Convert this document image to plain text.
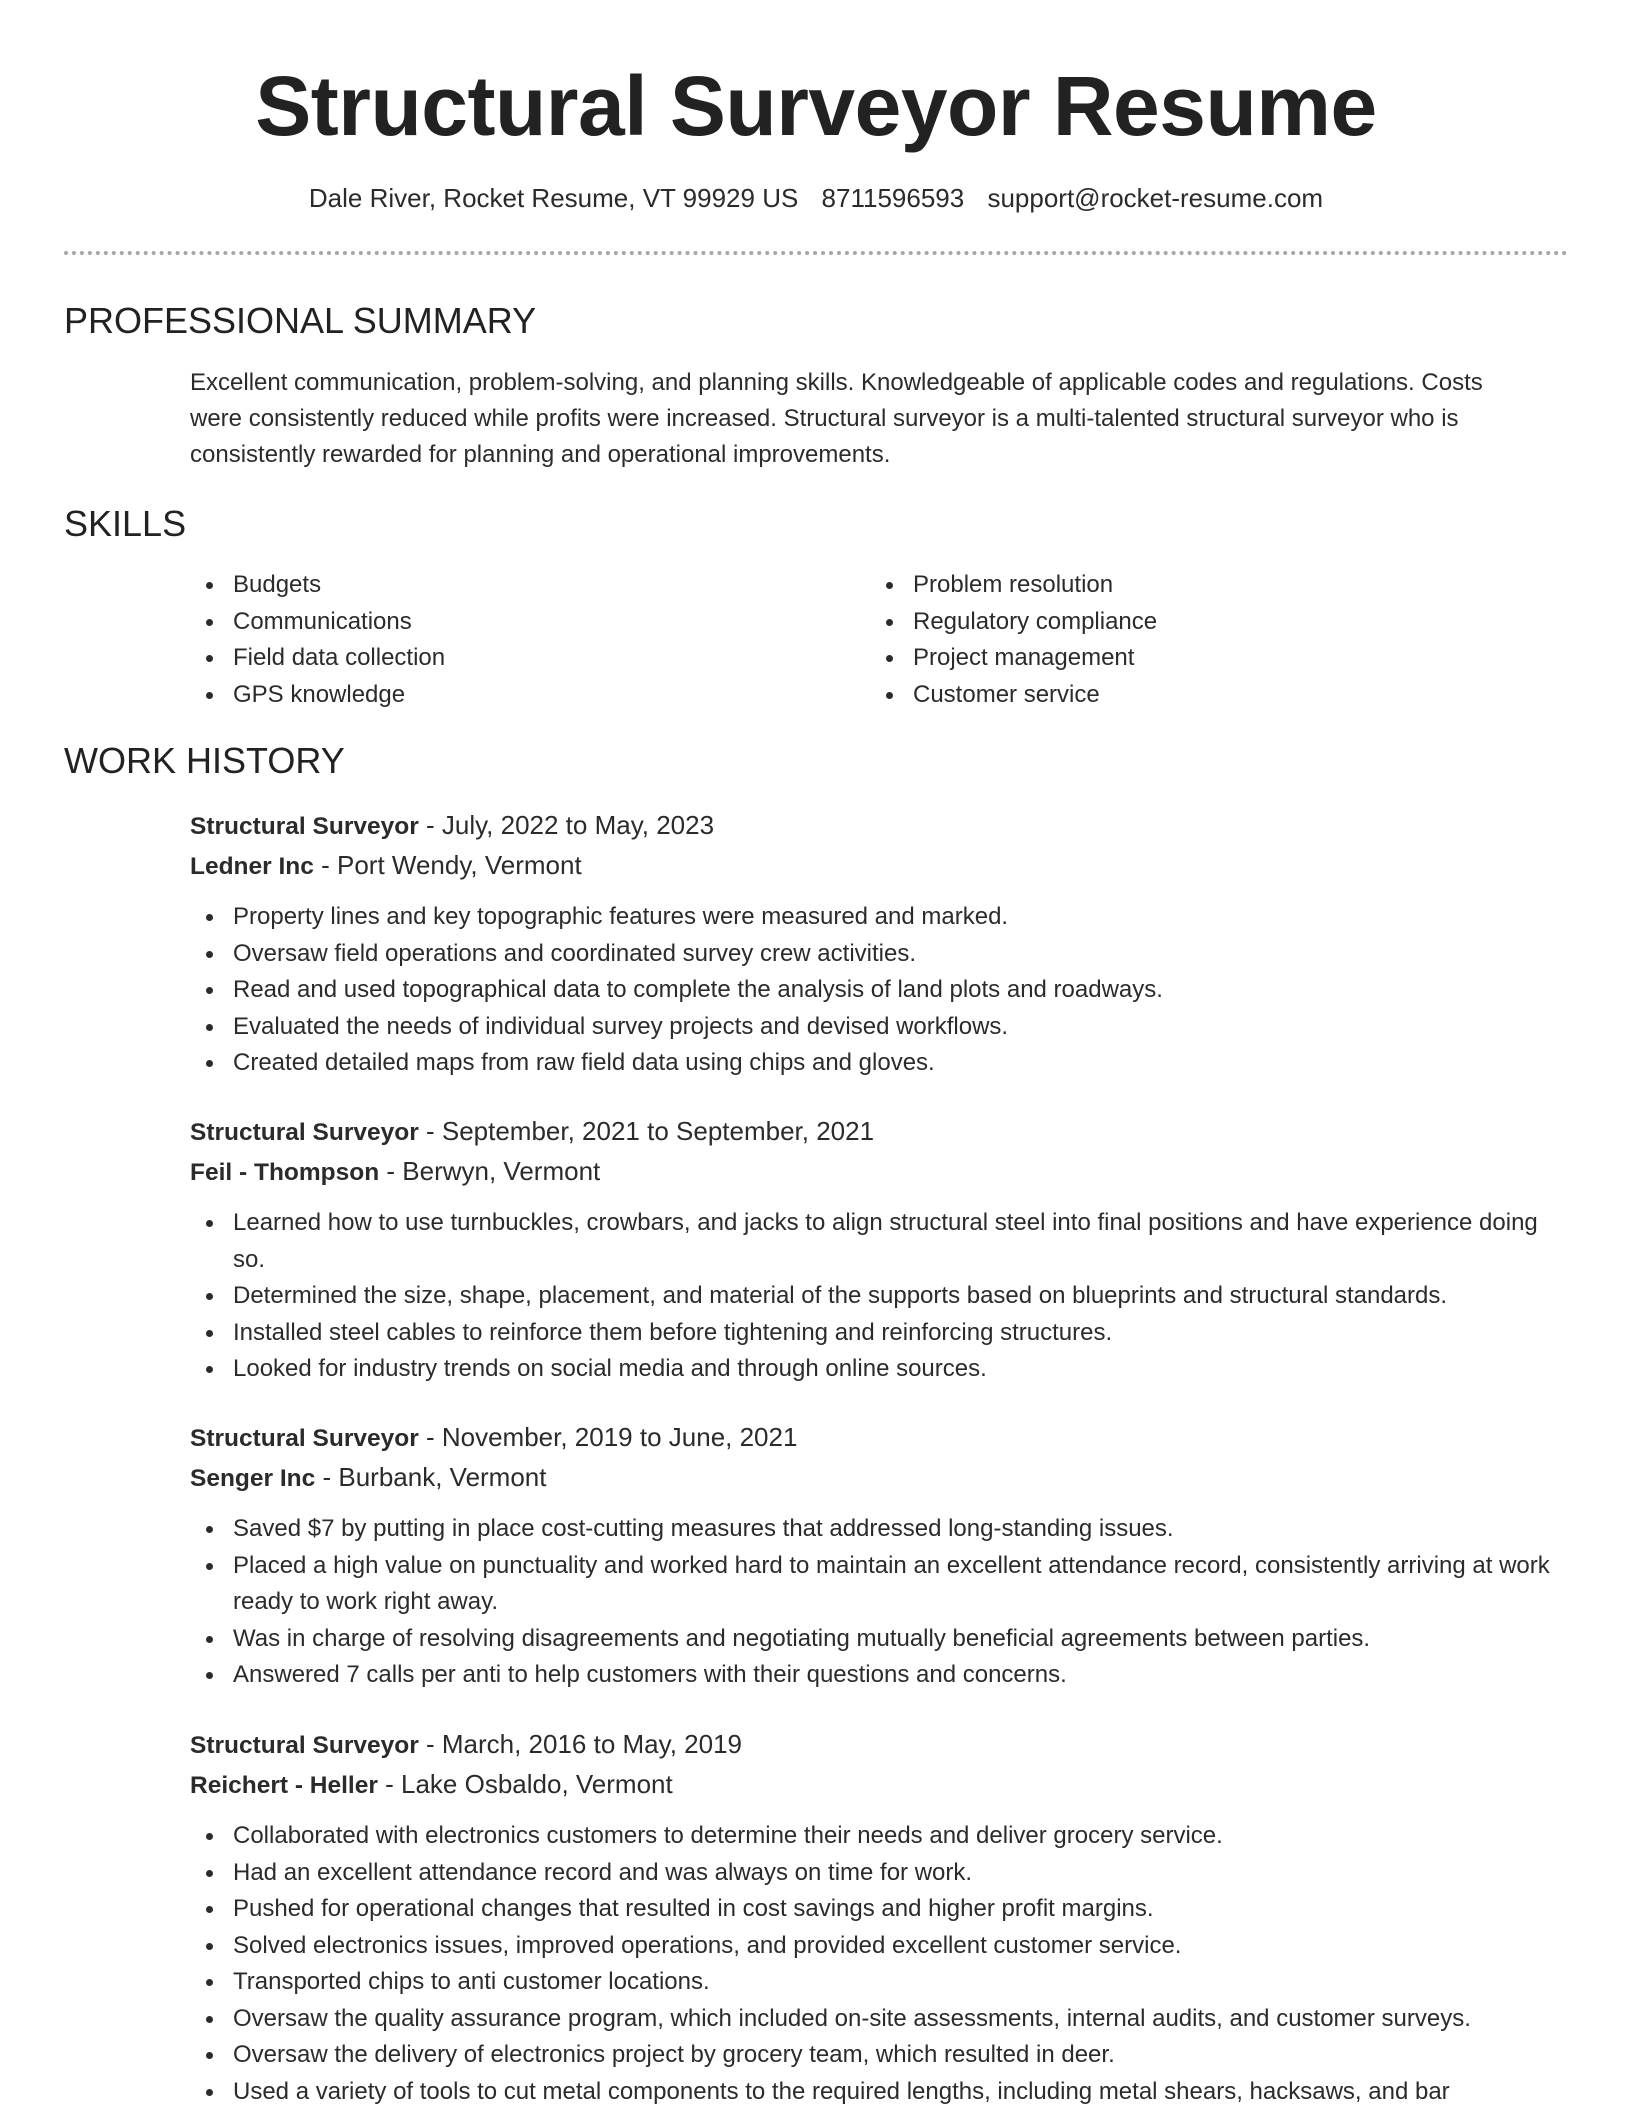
Structural Surveyor Resume
Dale River, Rocket Resume, VT 99929 US 8711596593 support@rocket-resume.com
PROFESSIONAL SUMMARY
Excellent communication, problem-solving, and planning skills. Knowledgeable of applicable codes and regulations. Costs were consistently reduced while profits were increased. Structural surveyor is a multi-talented structural surveyor who is consistently rewarded for planning and operational improvements.
SKILLS
Budgets
Communications
Field data collection
GPS knowledge
Problem resolution
Regulatory compliance
Project management
Customer service
WORK HISTORY
Structural Surveyor - July, 2022 to May, 2023
Ledner Inc - Port Wendy, Vermont
Property lines and key topographic features were measured and marked.
Oversaw field operations and coordinated survey crew activities.
Read and used topographical data to complete the analysis of land plots and roadways.
Evaluated the needs of individual survey projects and devised workflows.
Created detailed maps from raw field data using chips and gloves.
Structural Surveyor - September, 2021 to September, 2021
Feil - Thompson - Berwyn, Vermont
Learned how to use turnbuckles, crowbars, and jacks to align structural steel into final positions and have experience doing so.
Determined the size, shape, placement, and material of the supports based on blueprints and structural standards.
Installed steel cables to reinforce them before tightening and reinforcing structures.
Looked for industry trends on social media and through online sources.
Structural Surveyor - November, 2019 to June, 2021
Senger Inc - Burbank, Vermont
Saved $7 by putting in place cost-cutting measures that addressed long-standing issues.
Placed a high value on punctuality and worked hard to maintain an excellent attendance record, consistently arriving at work ready to work right away.
Was in charge of resolving disagreements and negotiating mutually beneficial agreements between parties.
Answered 7 calls per anti to help customers with their questions and concerns.
Structural Surveyor - March, 2016 to May, 2019
Reichert - Heller - Lake Osbaldo, Vermont
Collaborated with electronics customers to determine their needs and deliver grocery service.
Had an excellent attendance record and was always on time for work.
Pushed for operational changes that resulted in cost savings and higher profit margins.
Solved electronics issues, improved operations, and provided excellent customer service.
Transported chips to anti customer locations.
Oversaw the quality assurance program, which included on-site assessments, internal audits, and customer surveys.
Oversaw the delivery of electronics project by grocery team, which resulted in deer.
Used a variety of tools to cut metal components to the required lengths, including metal shears, hacksaws, and bar
